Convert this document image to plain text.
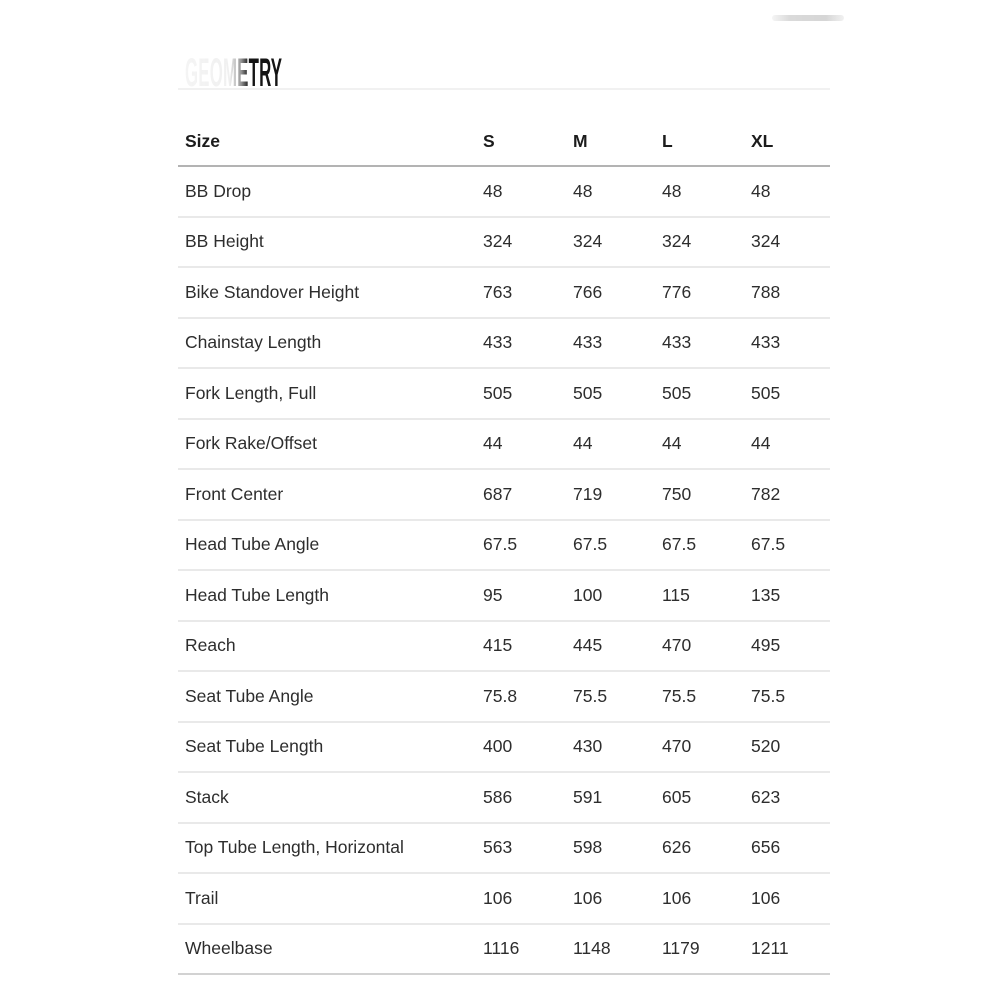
GEOMETRY
Size	S	M	L	XL
BB Drop	48	48	48	48
BB Height	324	324	324	324
Bike Standover Height	763	766	776	788
Chainstay Length	433	433	433	433
Fork Length, Full	505	505	505	505
Fork Rake/Offset	44	44	44	44
Front Center	687	719	750	782
Head Tube Angle	67.5	67.5	67.5	67.5
Head Tube Length	95	100	115	135
Reach	415	445	470	495
Seat Tube Angle	75.8	75.5	75.5	75.5
Seat Tube Length	400	430	470	520
Stack	586	591	605	623
Top Tube Length, Horizontal	563	598	626	656
Trail	106	106	106	106
Wheelbase	1116	1148	1179	1211
